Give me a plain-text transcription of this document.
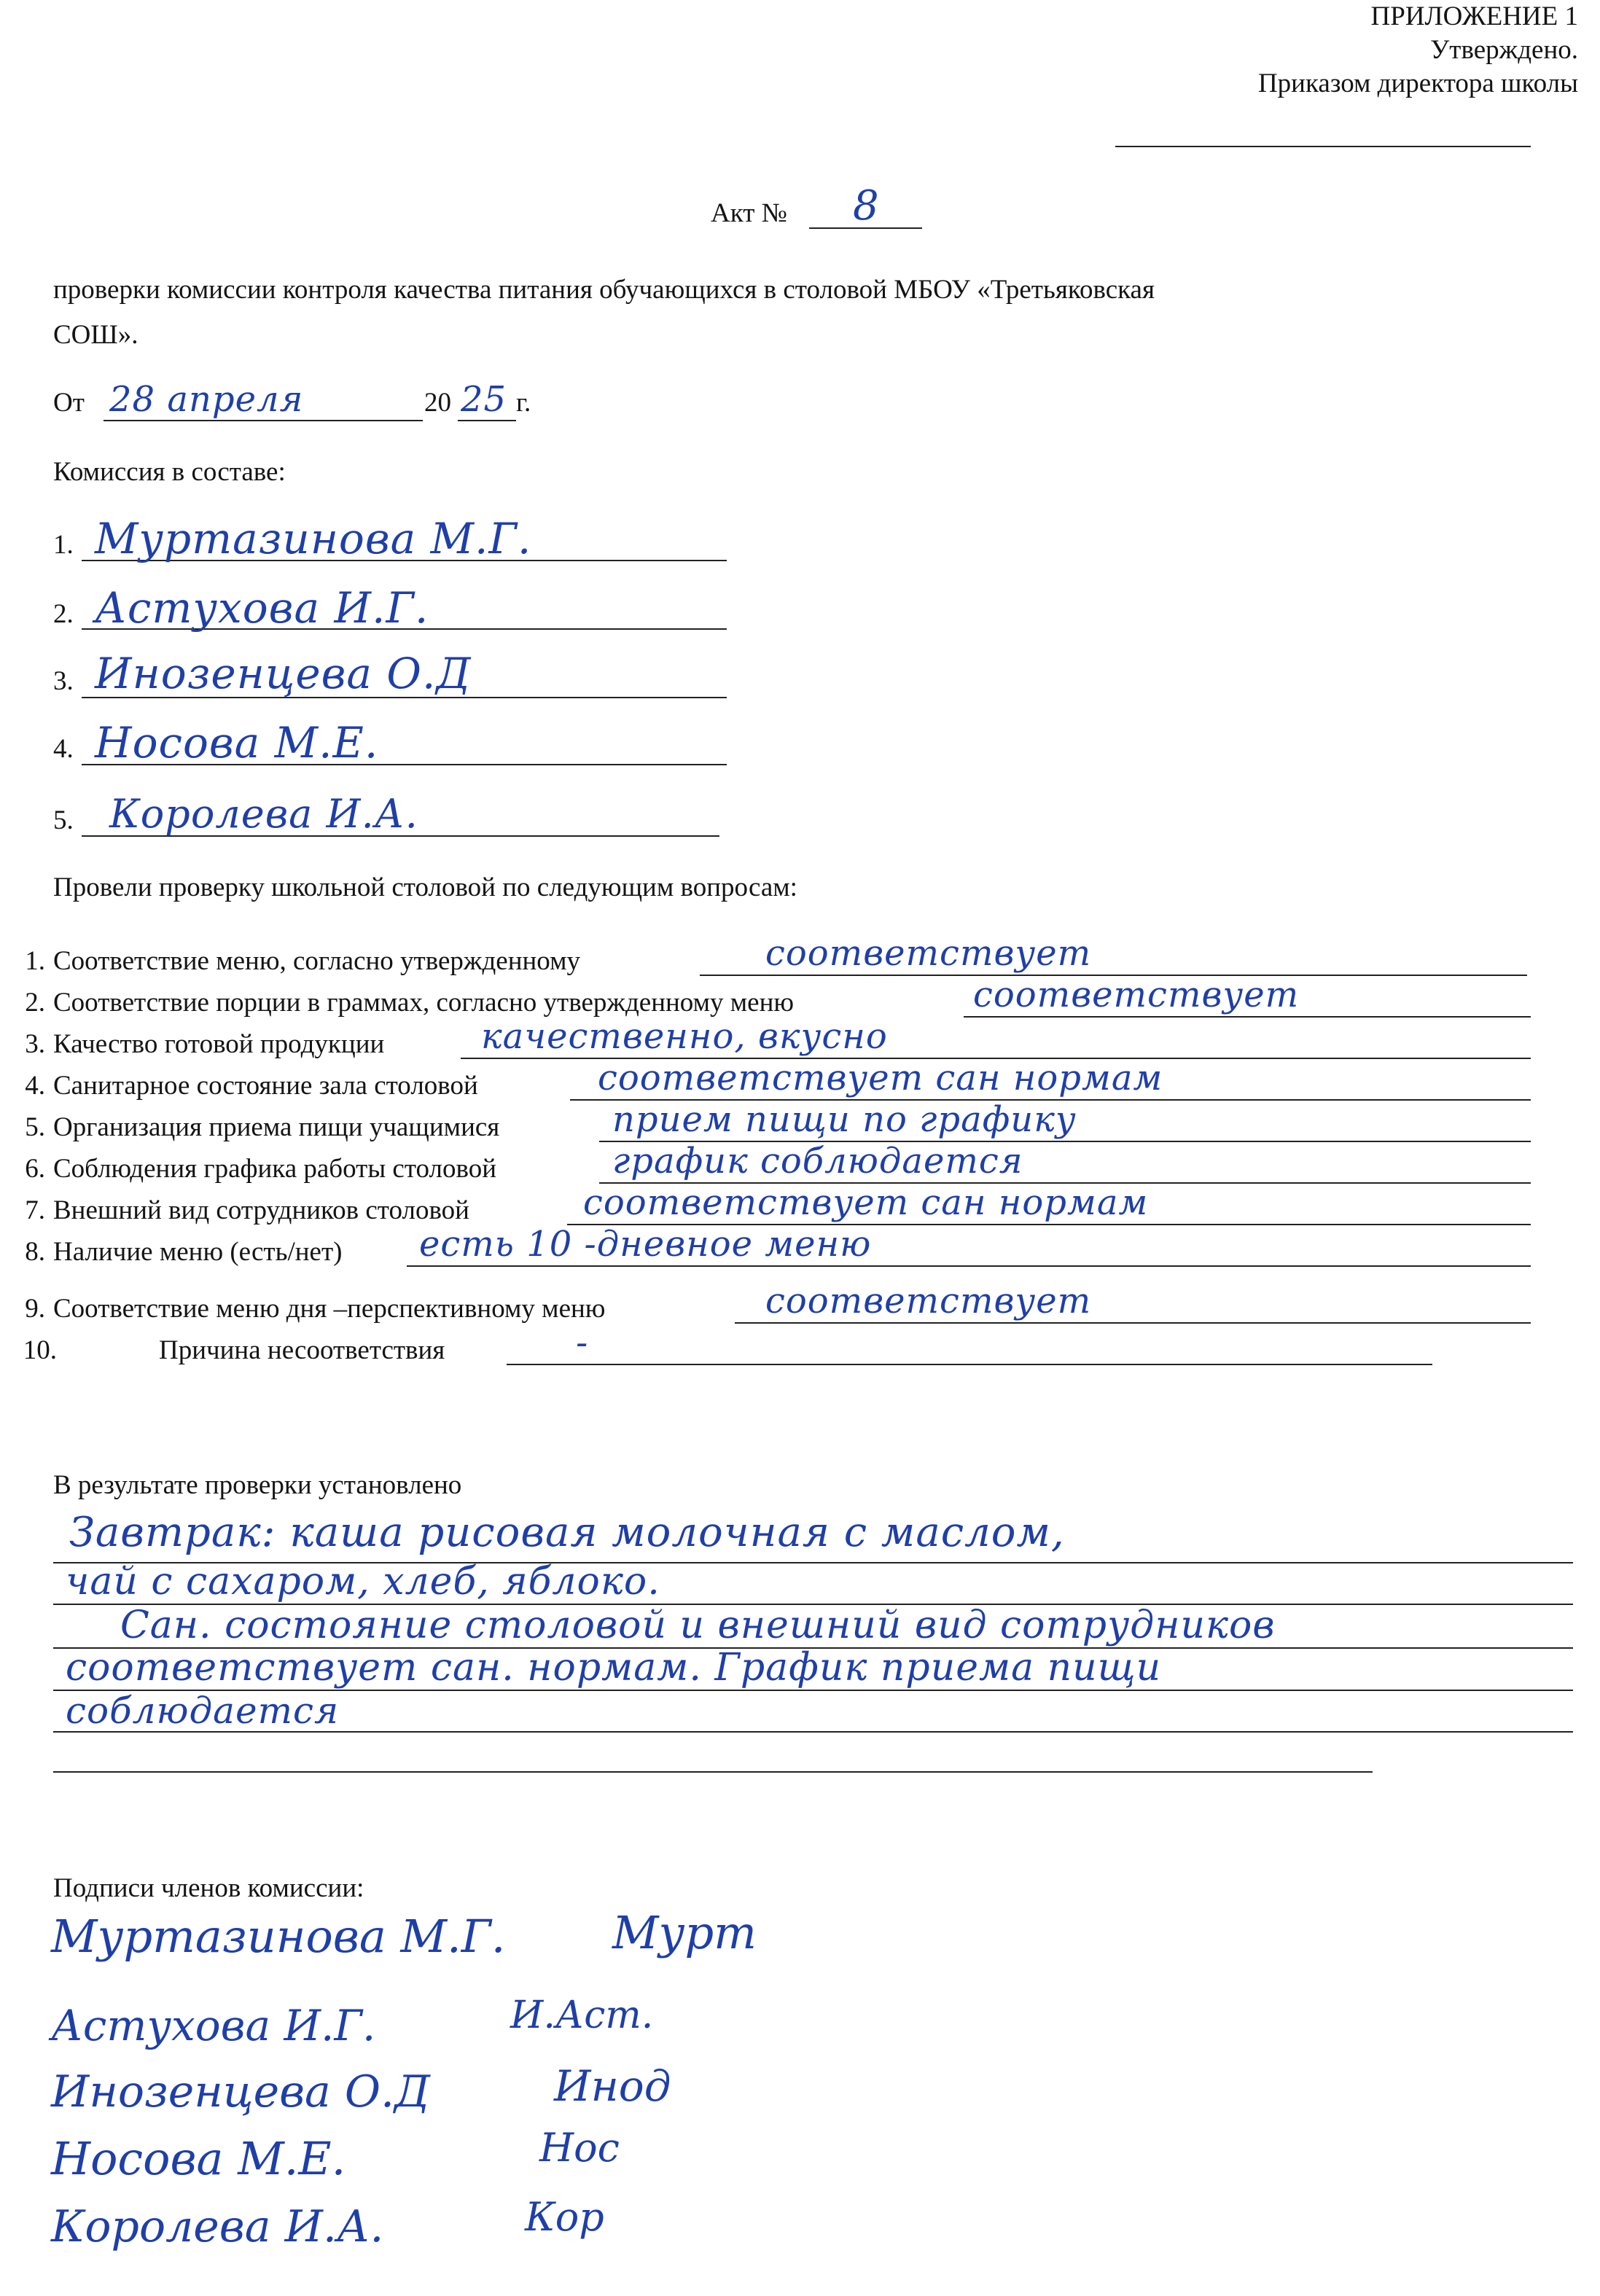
ПРИЛОЖЕНИЕ 1
Утверждено.
Приказом директора школы
Акт № 8
проверки комиссии контроля качества питания обучающихся в столовой МБОУ «Третьяковская
СОШ».
От 28 апреля	20 25 г.
Комиссия в составе:
1. Муртазинова М.Г.
2. Астухова И.Г.
3. Инозенцева О.Д
4. Носова М.Е.
5. Королева И.А.
Провели проверку школьной столовой по следующим вопросам:
1. Соответствие меню, согласно утвержденному	соответствует
2. Соответствие порции в граммах, согласно утвержденному меню	соответствует
3. Качество готовой продукции	качественно, вкусно
4. Санитарное состояние зала столовой	соответствует сан нормам
5. Организация приема пищи учащимися	прием пищи по графику
6. Соблюдения графика работы столовой	график соблюдается
7. Внешний вид сотрудников столовой	соответствует сан нормам
8. Наличие меню (есть/нет) есть 10 -дневное меню
9. Соответствие меню дня –перспективному меню	соответствует
10.	Причина несоответствия	-
В результате проверки установлено
Завтрак: каша рисовая молочная с маслом,
чай с сахаром, хлеб, яблоко.
Сан. состояние столовой и внешний вид сотрудников
соответствует сан. нормам. График приема пищи
соблюдается
Подписи членов комиссии:
Муртазинова М.Г. Мурт
Астухова И.Г.	И.Аст.
Инозенцева О.Д	Инод
Носова М.Е.	Нос
Королева И.А.	Кор
